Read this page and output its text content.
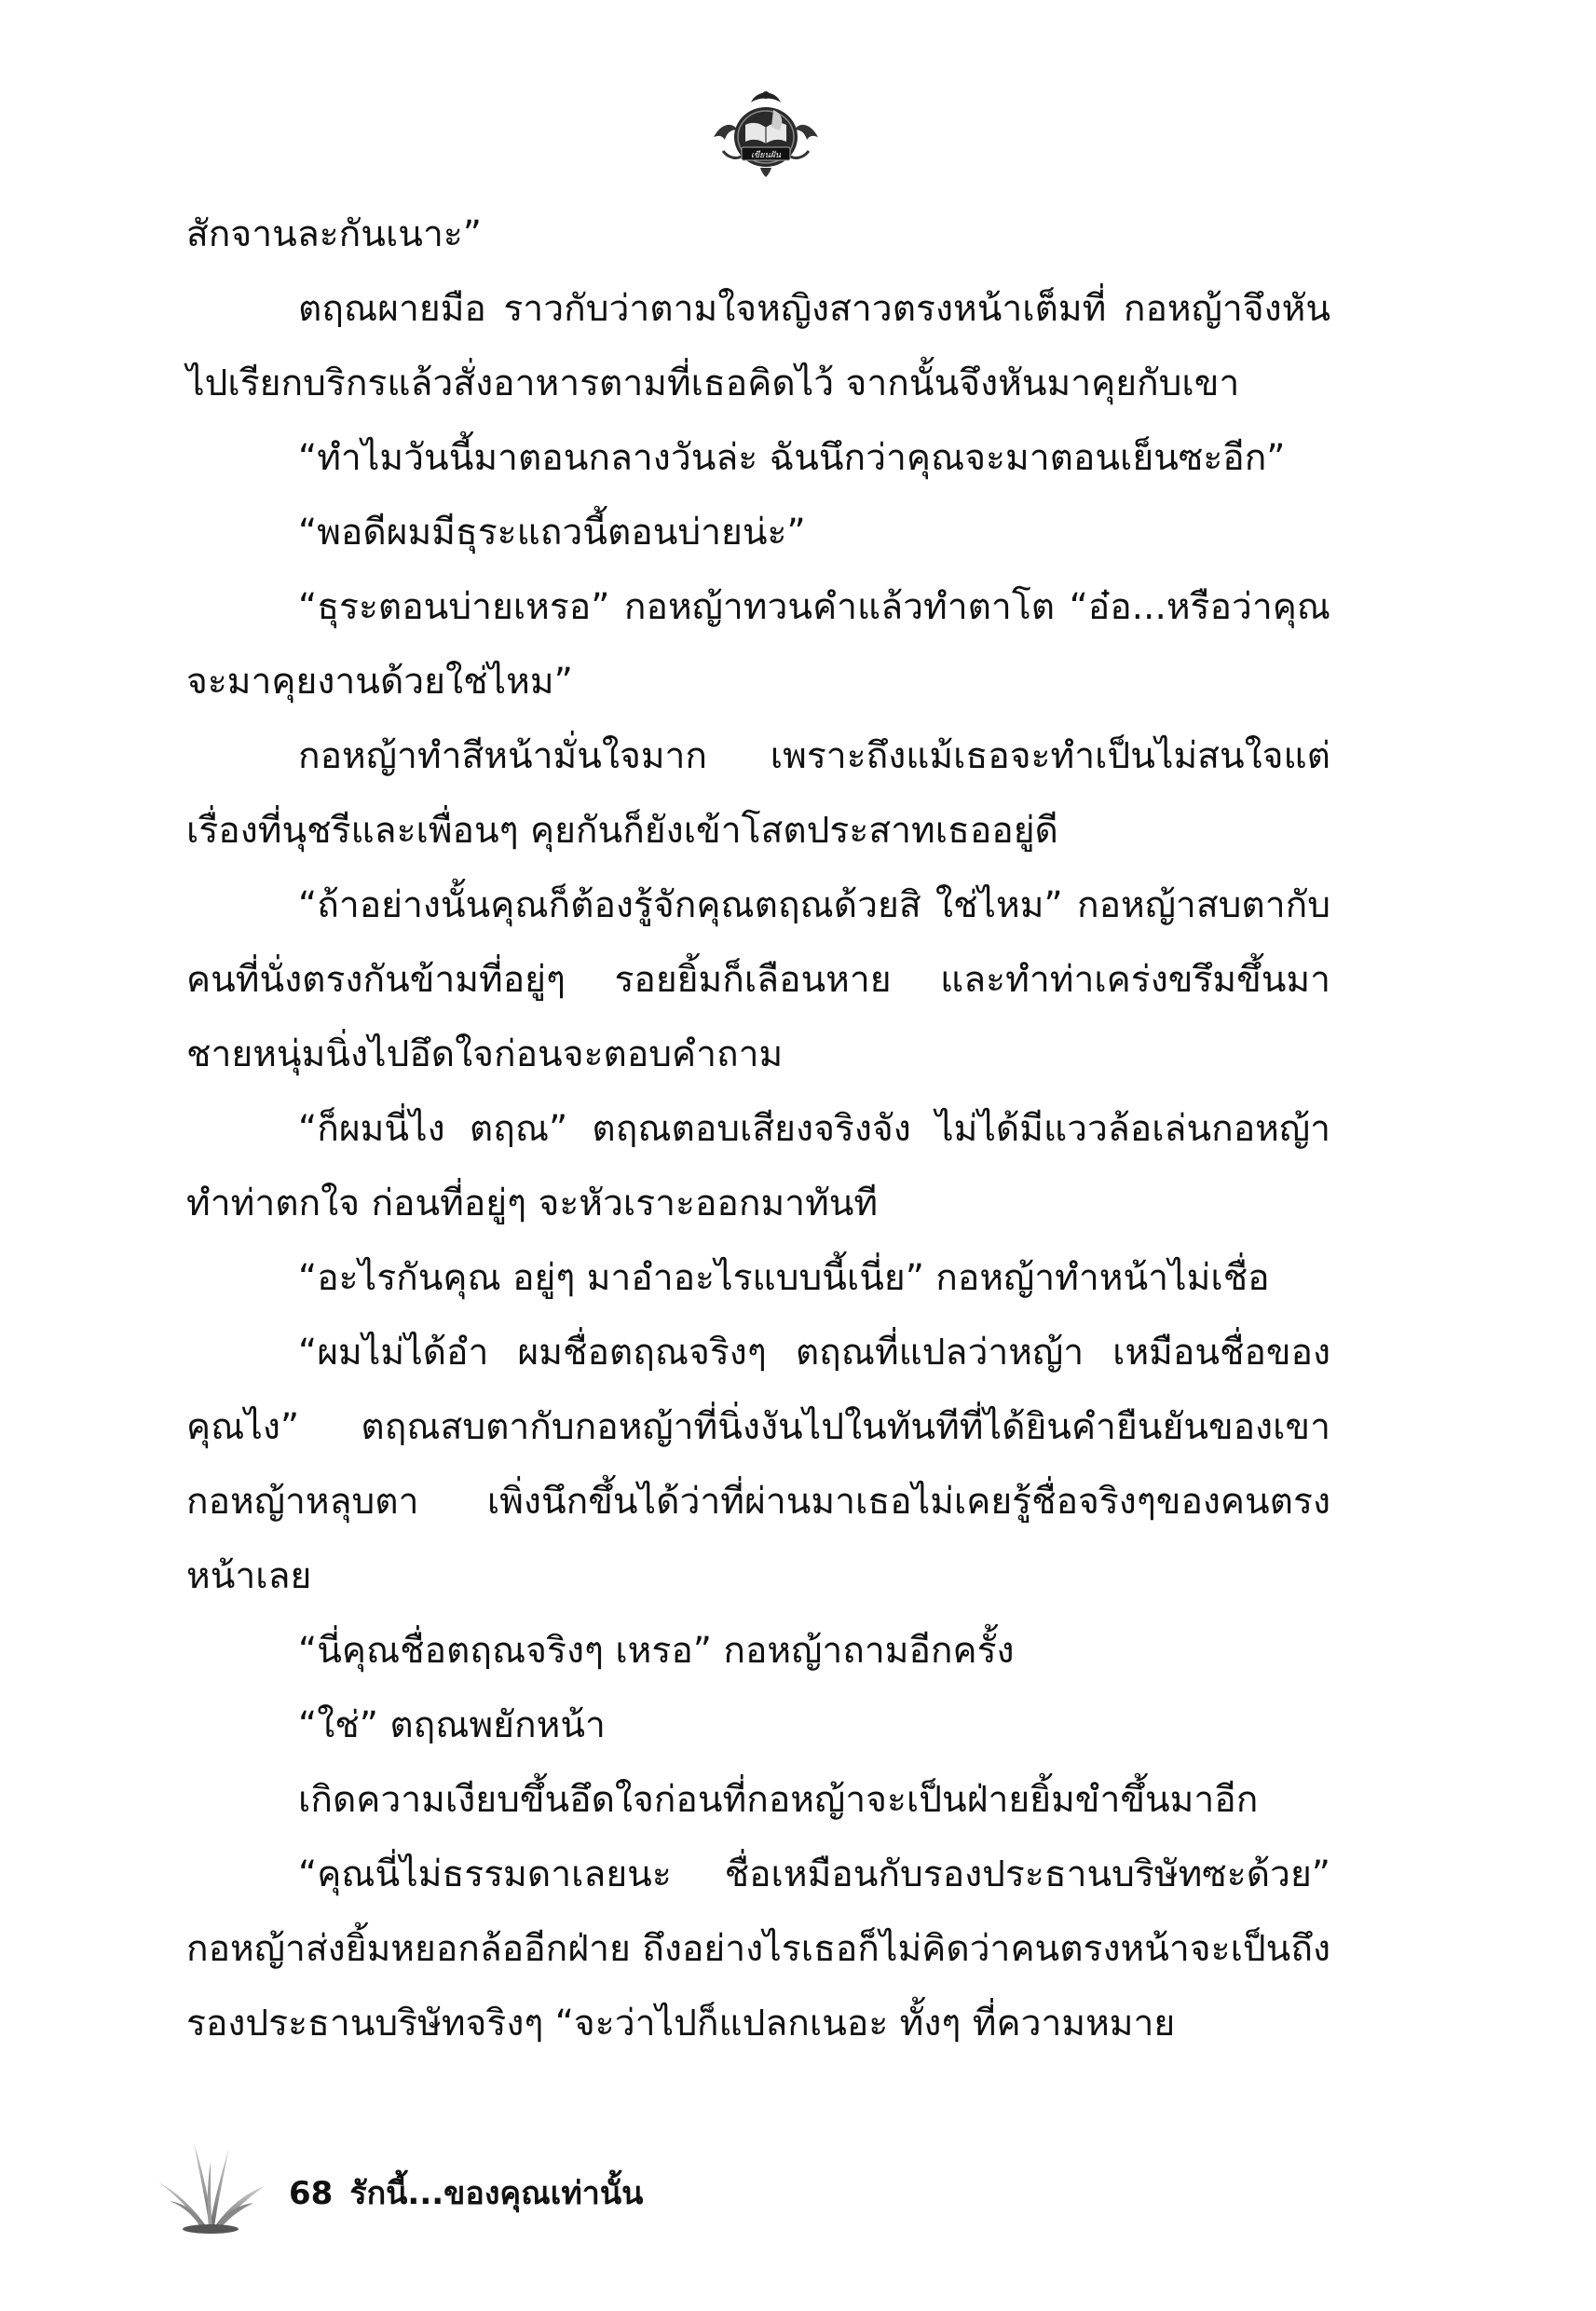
เขียนฝัน

สักจานละกันเนาะ”

ตฤณผายมือ ราวกับว่าตามใจหญิงสาวตรงหน้าเต็มที่ กอหญ้าจึงหันไปเรียกบริกรแล้วสั่งอาหารตามที่เธอคิดไว้ จากนั้นจึงหันมาคุยกับเขา

“ทำไมวันนี้มาตอนกลางวันล่ะ ฉันนึกว่าคุณจะมาตอนเย็นซะอีก”

“พอดีผมมีธุระแถวนี้ตอนบ่ายน่ะ”

“ธุระตอนบ่ายเหรอ” กอหญ้าทวนคำแล้วทำตาโต “อ๋อ...หรือว่าคุณจะมาคุยงานด้วยใช่ไหม”

กอหญ้าทำสีหน้ามั่นใจมาก เพราะถึงแม้เธอจะทำเป็นไม่สนใจแต่เรื่องที่นุชรีและเพื่อนๆ คุยกันก็ยังเข้าโสตประสาทเธออยู่ดี

“ถ้าอย่างนั้นคุณก็ต้องรู้จักคุณตฤณด้วยสิ ใช่ไหม” กอหญ้าสบตากับคนที่นั่งตรงกันข้ามที่อยู่ๆ รอยยิ้มก็เลือนหาย และทำท่าเคร่งขรึมขึ้นมา ชายหนุ่มนิ่งไปอึดใจก่อนจะตอบคำถาม

“ก็ผมนี่ไง ตฤณ” ตฤณตอบเสียงจริงจัง ไม่ได้มีแววล้อเล่นกอหญ้าทำท่าตกใจ ก่อนที่อยู่ๆ จะหัวเราะออกมาทันที

“อะไรกันคุณ อยู่ๆ มาอำอะไรแบบนี้เนี่ย” กอหญ้าทำหน้าไม่เชื่อ

“ผมไม่ได้อำ ผมชื่อตฤณจริงๆ ตฤณที่แปลว่าหญ้า เหมือนชื่อของคุณไง” ตฤณสบตากับกอหญ้าที่นิ่งงันไปในทันทีที่ได้ยินคำยืนยันของเขา กอหญ้าหลุบตา เพิ่งนึกขึ้นได้ว่าที่ผ่านมาเธอไม่เคยรู้ชื่อจริงๆของคนตรงหน้าเลย

“นี่คุณชื่อตฤณจริงๆ เหรอ” กอหญ้าถามอีกครั้ง

“ใช่” ตฤณพยักหน้า

เกิดความเงียบขึ้นอึดใจก่อนที่กอหญ้าจะเป็นฝ่ายยิ้มขำขึ้นมาอีก

“คุณนี่ไม่ธรรมดาเลยนะ ชื่อเหมือนกับรองประธานบริษัทซะด้วย” กอหญ้าส่งยิ้มหยอกล้ออีกฝ่าย ถึงอย่างไรเธอก็ไม่คิดว่าคนตรงหน้าจะเป็นถึงรองประธานบริษัทจริงๆ “จะว่าไปก็แปลกเนอะ ทั้งๆ ที่ความหมาย

68 รักนี้...ของคุณเท่านั้น
